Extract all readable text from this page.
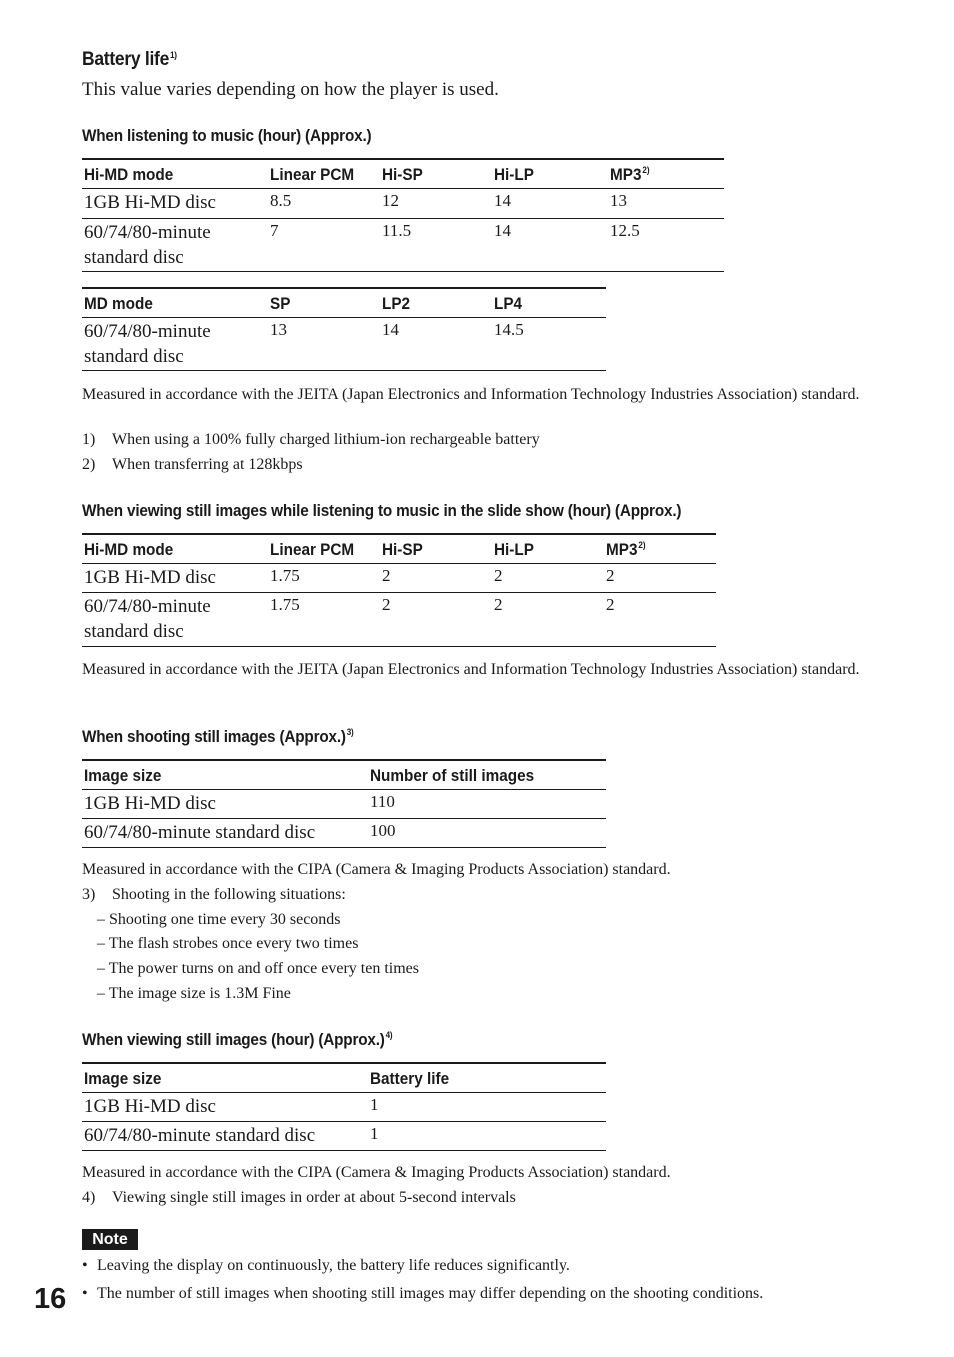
Battery life$^{1)}$
This value varies depending on how the player is used.
When listening to music (hour) (Approx.)
Hi-MD mode	Linear PCM	Hi-SP	Hi-LP	MP3$^{2)}$
1GB Hi-MD disc	8.5	12	14	13
60/74/80-minute standard disc	7	11.5	14	12.5
MD mode	SP	LP2	LP4
60/74/80-minute standard disc	13	14	14.5
Measured in accordance with the JEITA (Japan Electronics and Information Technology Industries Association) standard.
1) When using a 100% fully charged lithium-ion rechargeable battery
2) When transferring at 128kbps
When viewing still images while listening to music in the slide show (hour) (Approx.)
Hi-MD mode	Linear PCM	Hi-SP	Hi-LP	MP3$^{2)}$
1GB Hi-MD disc	1.75	2	2	2
60/74/80-minute standard disc	1.75	2	2	2
Measured in accordance with the JEITA (Japan Electronics and Information Technology Industries Association) standard.
When shooting still images (Approx.)$^{3)}$
Image size	Number of still images
1GB Hi-MD disc	110
60/74/80-minute standard disc	100
Measured in accordance with the CIPA (Camera & Imaging Products Association) standard.
3) Shooting in the following situations:
– Shooting one time every 30 seconds
– The flash strobes once every two times
– The power turns on and off once every ten times
– The image size is 1.3M Fine
When viewing still images (hour) (Approx.)$^{4)}$
Image size	Battery life
1GB Hi-MD disc	1
60/74/80-minute standard disc	1
Measured in accordance with the CIPA (Camera & Imaging Products Association) standard.
4) Viewing single still images in order at about 5-second intervals
Note
• Leaving the display on continuously, the battery life reduces significantly.
• The number of still images when shooting still images may differ depending on the shooting conditions.
16
